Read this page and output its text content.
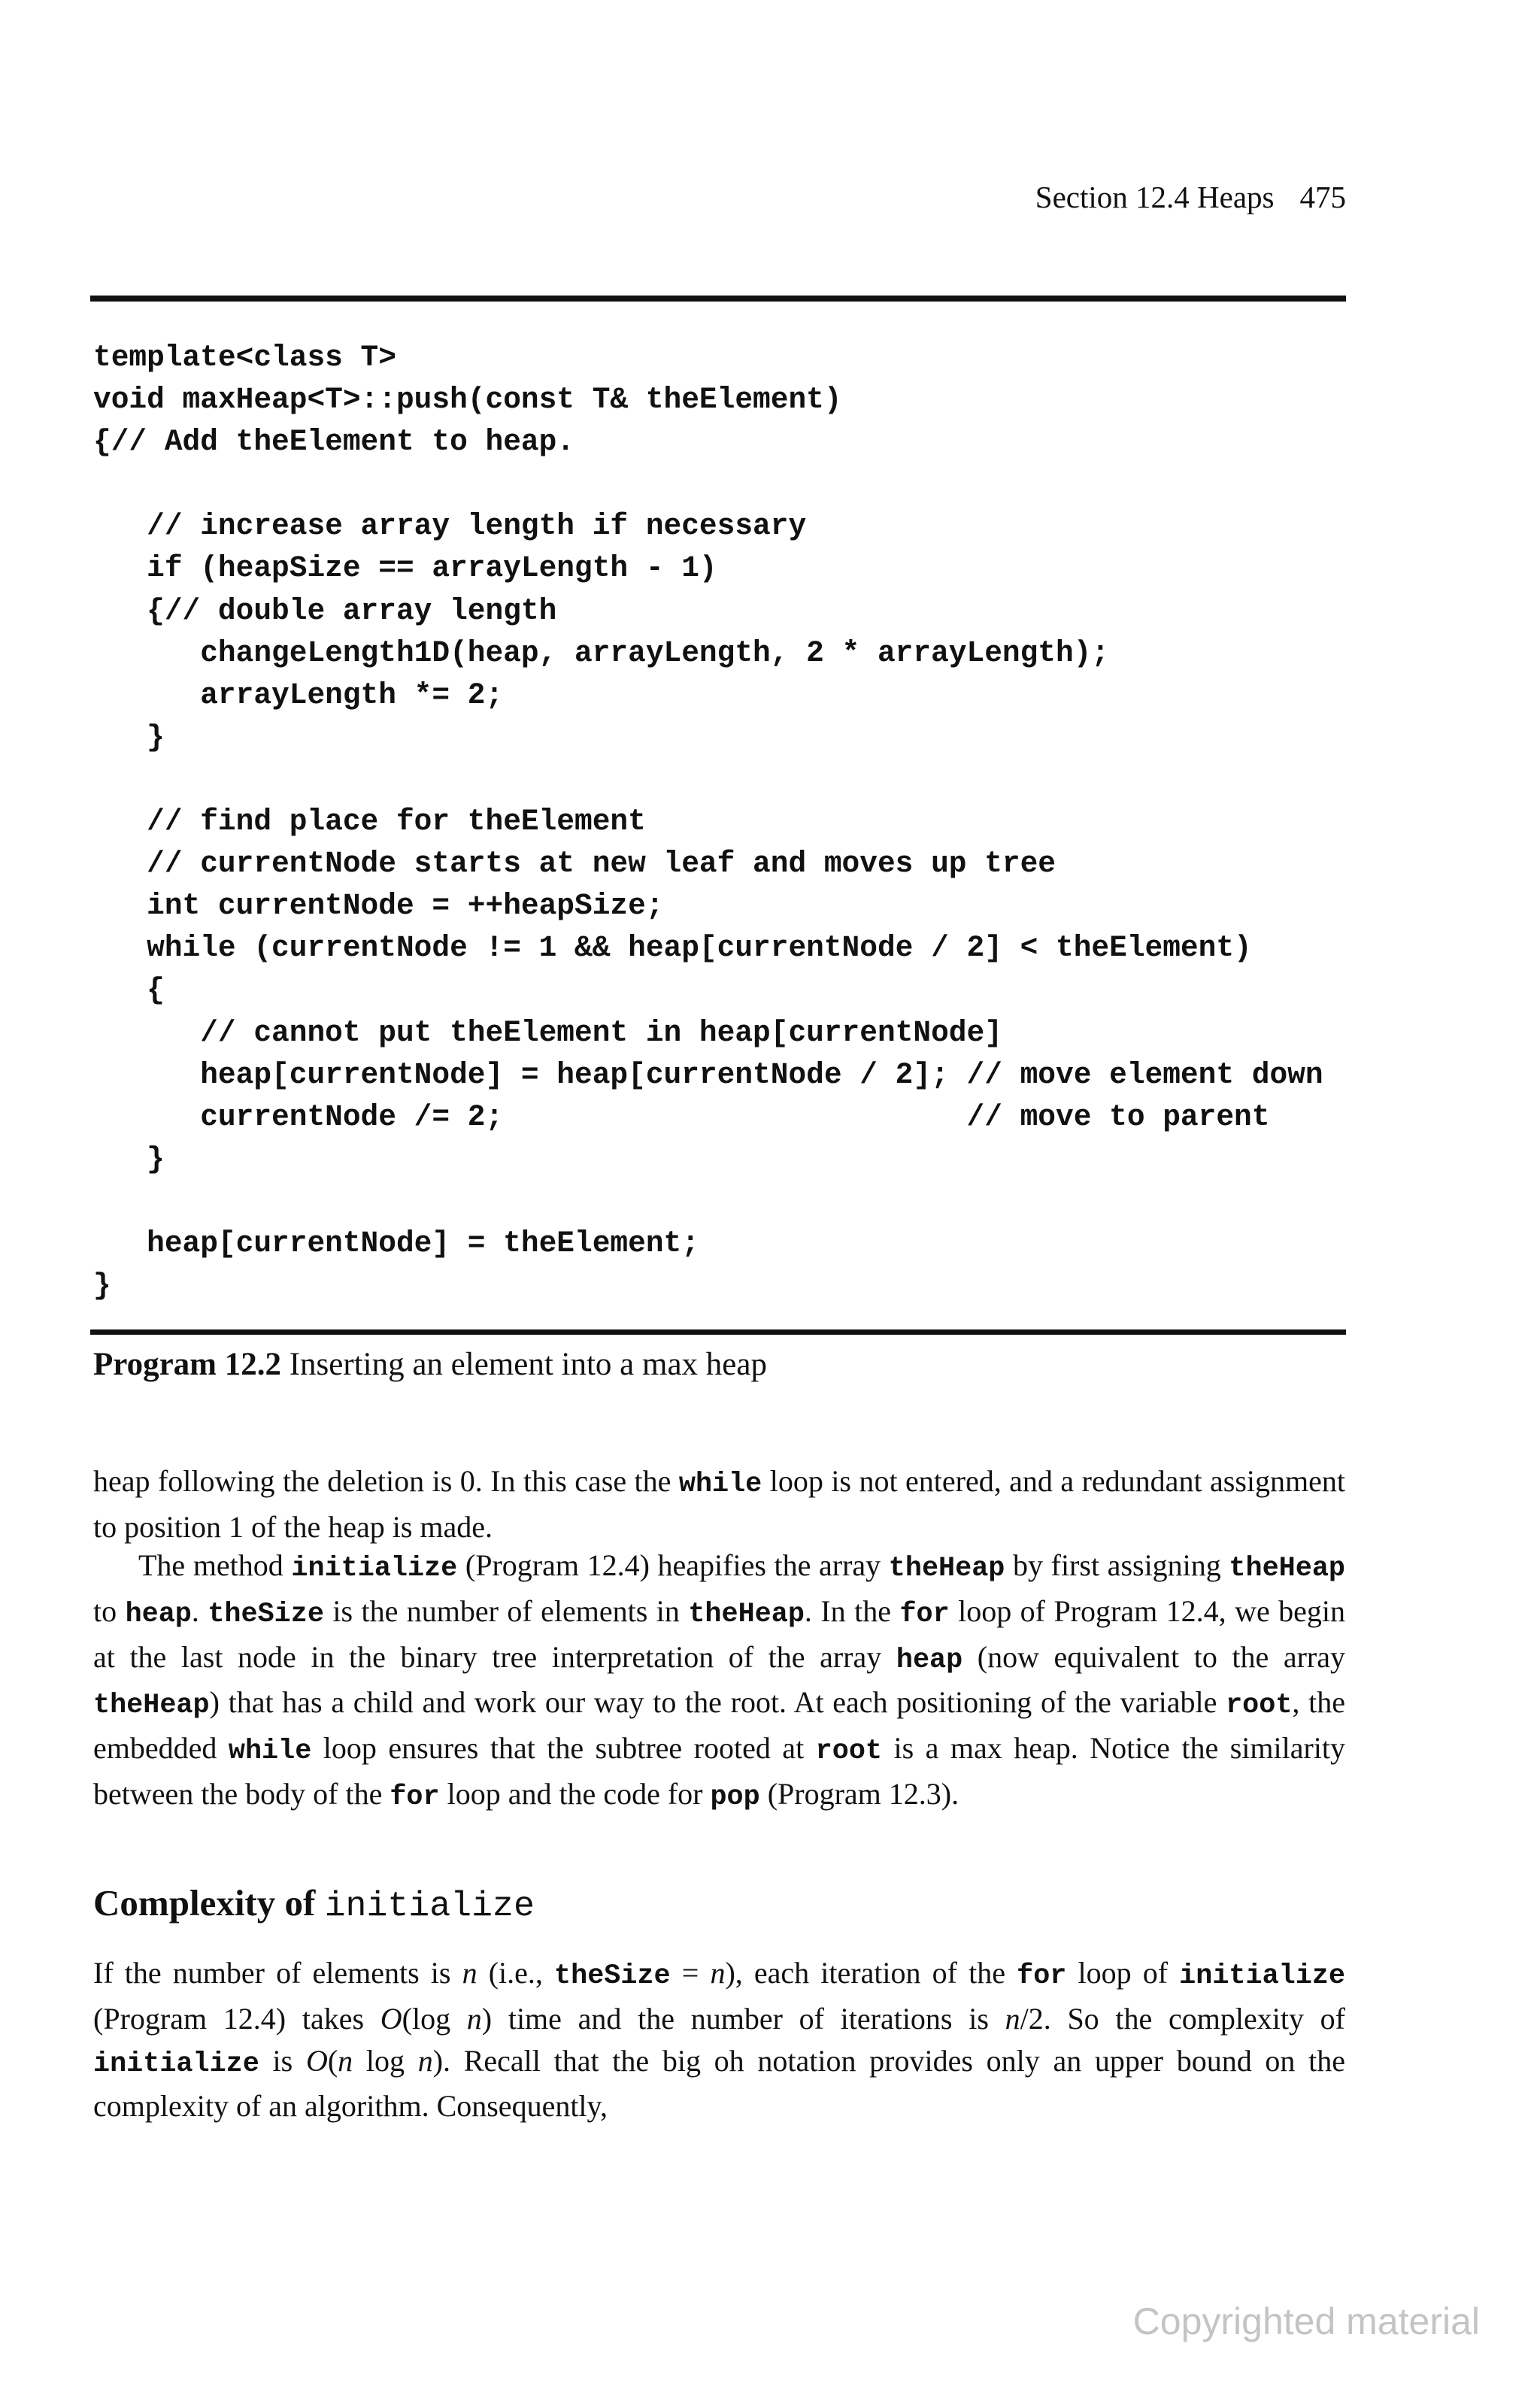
Section 12.4 Heaps 475
template<class T>
void maxHeap<T>::push(const T& theElement)
{// Add theElement to heap.

// increase array length if necessary
if (heapSize == arrayLength - 1)
{// double array length
changeLength1D(heap, arrayLength, 2 * arrayLength);
arrayLength *= 2;
}

// find place for theElement
// currentNode starts at new leaf and moves up tree
int currentNode = ++heapSize;
while (currentNode != 1 && heap[currentNode / 2] < theElement)
{
// cannot put theElement in heap[currentNode]
heap[currentNode] = heap[currentNode / 2]; // move element down
currentNode /= 2;                          // move to parent
}

heap[currentNode] = theElement;
}
Program 12.2 Inserting an element into a max heap

heap following the deletion is 0. In this case the while loop is not entered, and a redundant assignment to position 1 of the heap is made.

The method initialize (Program 12.4) heapifies the array theHeap by first assigning theHeap to heap. theSize is the number of elements in theHeap. In the for loop of Program 12.4, we begin at the last node in the binary tree interpretation of the array heap (now equivalent to the array theHeap) that has a child and work our way to the root. At each positioning of the variable root, the embedded while loop ensures that the subtree rooted at root is a max heap. Notice the similarity between the body of the for loop and the code for pop (Program 12.3).

Complexity of initialize

If the number of elements is n (i.e., theSize = n), each iteration of the for loop of initialize (Program 12.4) takes O(log n) time and the number of iterations is n/2. So the complexity of initialize is O(n log n). Recall that the big oh notation provides only an upper bound on the complexity of an algorithm. Consequently,

Copyrighted material
